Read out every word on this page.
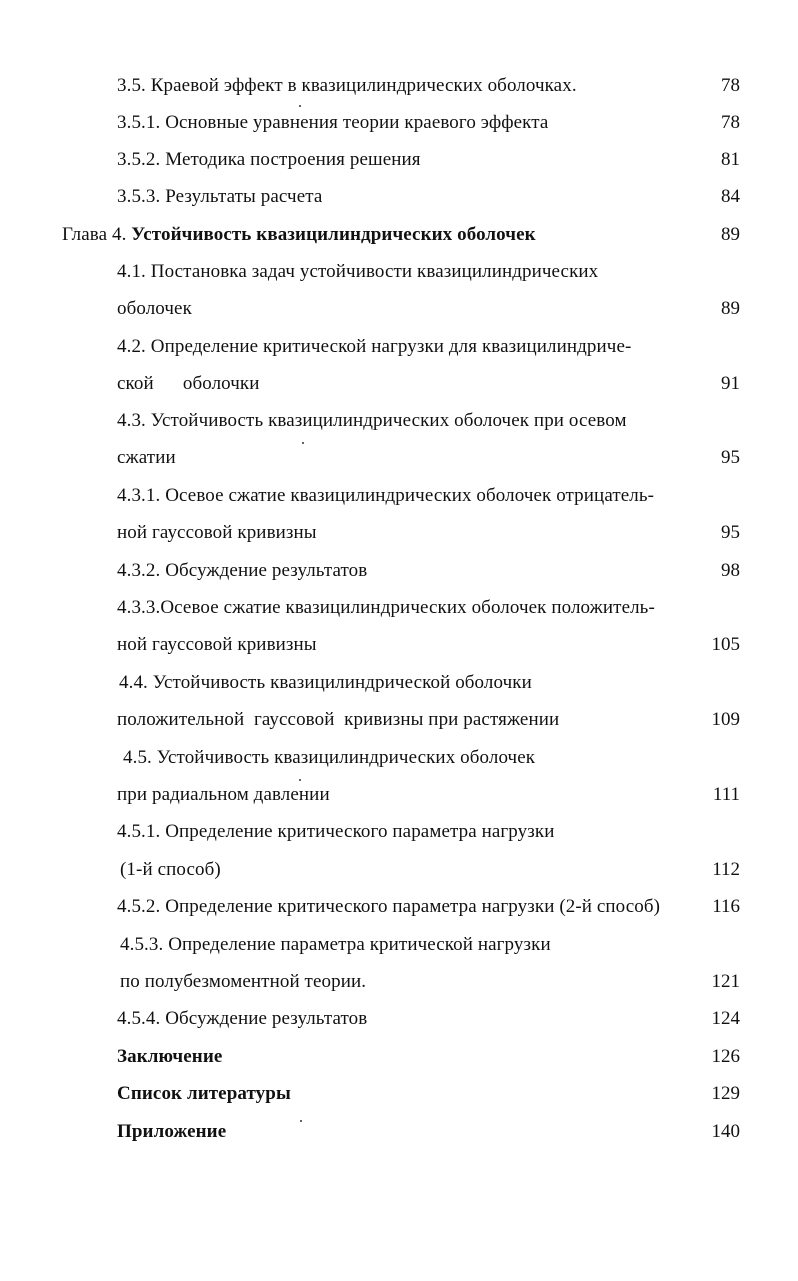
3.5. Краевой эффект в квазицилиндрических оболочках.	78
3.5.1. Основные уравнения теории краевого эффекта	78
3.5.2. Методика построения решения	81
3.5.3. Результаты расчета	84
Глава 4. Устойчивость квазицилиндрических оболочек	89
4.1. Постановка задач устойчивости квазицилиндрических
оболочек	89
4.2. Определение критической нагрузки для квазицилиндриче-
ской      оболочки	91
4.3. Устойчивость квазицилиндрических оболочек при осевом
сжатии	95
4.3.1. Осевое сжатие квазицилиндрических оболочек отрицатель-
ной гауссовой кривизны	95
4.3.2. Обсуждение результатов	98
4.3.3.Осевое сжатие квазицилиндрических оболочек положитель-
ной гауссовой кривизны	105
4.4. Устойчивость квазицилиндрической оболочки
положительной  гауссовой  кривизны при растяжении	109
4.5. Устойчивость квазицилиндрических оболочек
при радиальном давлении	111
4.5.1. Определение критического параметра нагрузки
(1-й способ)	112
4.5.2. Определение критического параметра нагрузки (2-й способ)	116
4.5.3. Определение параметра критической нагрузки
по полубезмоментной теории.	121
4.5.4. Обсуждение результатов	124
Заключение	126
Список литературы	129
Приложение	140
